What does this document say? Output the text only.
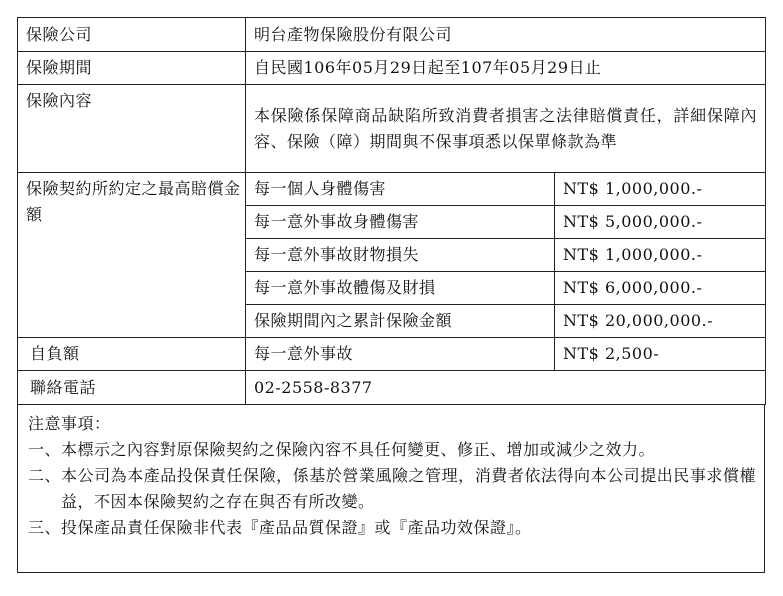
保險公司	明台產物保險股份有限公司	
保險期間	自民國106年05月29日起至107年05月29日止	
保險內容	本保險係保障商品缺陷所致消費者損害之法律賠償責任，詳細保障內容、保險（障）期間與不保事項悉以保單條款為準	
保險契約所約定之最高賠償金額	每一個人身體傷害	NT$ 1,000,000.-
	每一意外事故身體傷害	NT$ 5,000,000.-
	每一意外事故財物損失	NT$ 1,000,000.-
	每一意外事故體傷及財損	NT$ 6,000,000.-
	保險期間內之累計保險金額	NT$ 20,000,000.-
自負額	每一意外事故	NT$ 2,500-
聯絡電話	02-2558-8377	
注意事項：
一、 本標示之內容對原保險契約之保險內容不具任何變更、修正、增加或減少之效力。
二、 本公司為本產品投保責任保險，係基於營業風險之管理，消費者依法得向本公司提出民事求償權益，不因本保險契約之存在與否有所改變。
三、 投保產品責任保險非代表『產品品質保證』或『產品功效保證』。
